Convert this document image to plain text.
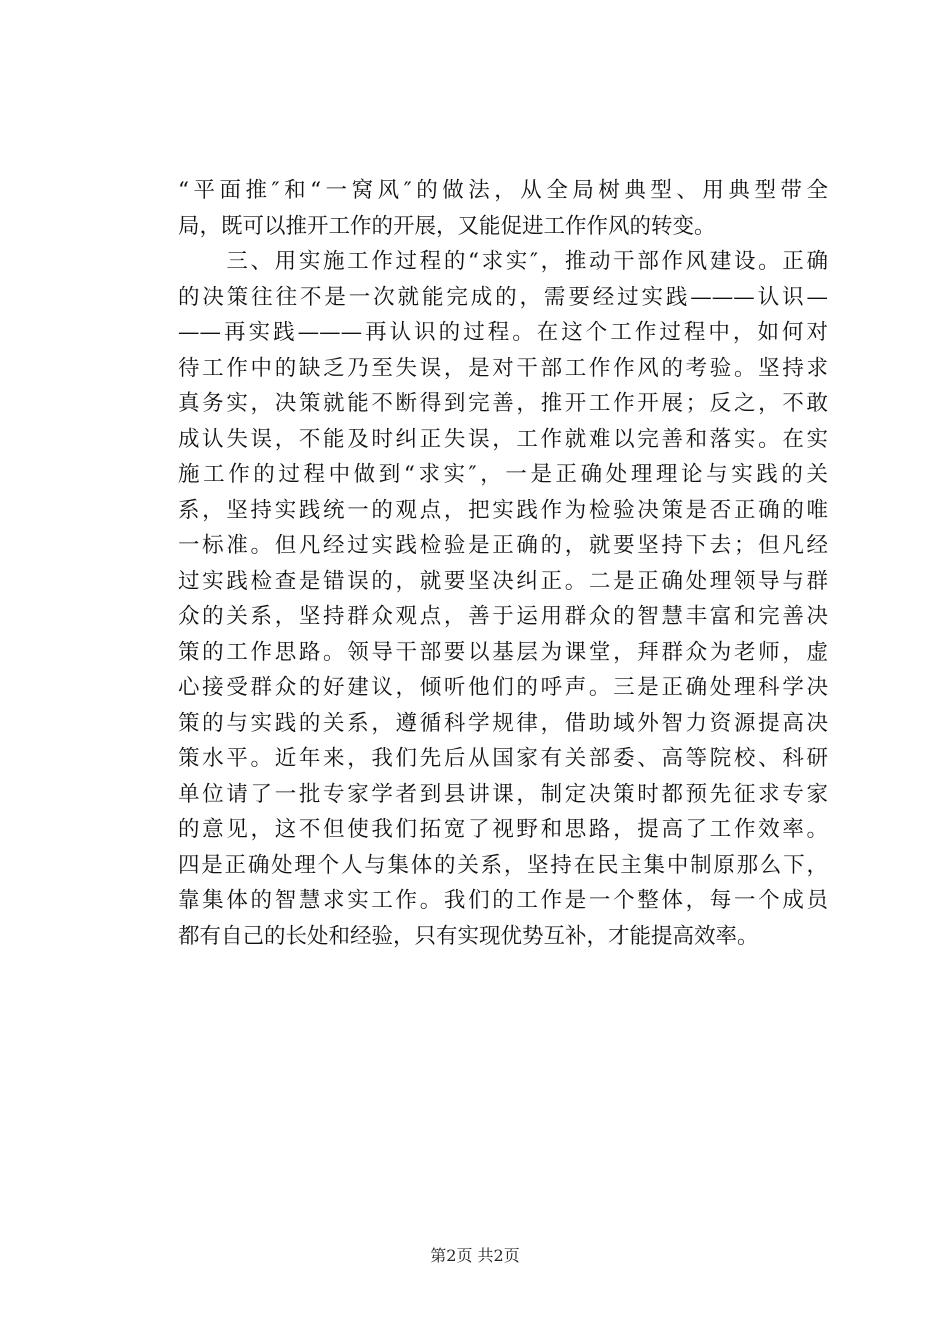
“平面推″和“一窝风″的做法，从全局树典型、用典型带全
局，既可以推开工作的开展，又能促进工作作风的转变。
　　三、用实施工作过程的“求实″，推动干部作风建设。正确
的决策往往不是一次就能完成的，需要经过实践———认识—
——再实践———再认识的过程。在这个工作过程中，如何对
待工作中的缺乏乃至失误，是对干部工作作风的考验。坚持求
真务实，决策就能不断得到完善，推开工作开展；反之，不敢
成认失误，不能及时纠正失误，工作就难以完善和落实。在实
施工作的过程中做到“求实″，一是正确处理理论与实践的关
系，坚持实践统一的观点，把实践作为检验决策是否正确的唯
一标准。但凡经过实践检验是正确的，就要坚持下去；但凡经
过实践检查是错误的，就要坚决纠正。二是正确处理领导与群
众的关系，坚持群众观点，善于运用群众的智慧丰富和完善决
策的工作思路。领导干部要以基层为课堂，拜群众为老师，虚
心接受群众的好建议，倾听他们的呼声。三是正确处理科学决
策的与实践的关系，遵循科学规律，借助域外智力资源提高决
策水平。近年来，我们先后从国家有关部委、高等院校、科研
单位请了一批专家学者到县讲课，制定决策时都预先征求专家
的意见，这不但使我们拓宽了视野和思路，提高了工作效率。
四是正确处理个人与集体的关系，坚持在民主集中制原那么下，
靠集体的智慧求实工作。我们的工作是一个整体，每一个成员
都有自己的长处和经验，只有实现优势互补，才能提高效率。
第2页 共2页
